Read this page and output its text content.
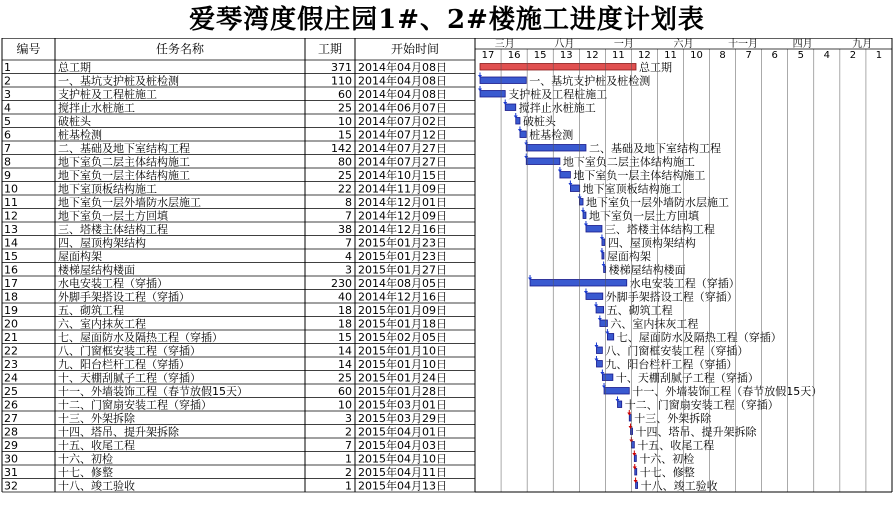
爱琴湾度假庄园1#、2#楼施工进度计划表
编号	任务名称	工期	开始时间	三月	八月	一月	六月	十一月	四月	九月
17 16 15 13 12 11 12 11 10 8 7 6 5 4 2 1
1	总工期	371 2014年04月08日
2	一、基坑支护桩及桩检测	110 2014年04月08日
3	支护桩及工程桩施工	60 2014年04月08日
4	搅拌止水桩施工	25 2014年06月07日
5	破桩头	10 2014年07月02日
6	桩基检测	15 2014年07月12日
7	二、基础及地下室结构工程	142 2014年07月27日
8	地下室负二层主体结构施工	80 2014年07月27日
9	地下室负一层主体结构施工	25 2014年10月15日
10	地下室顶板结构施工	22 2014年11月09日
11	地下室负一层外墙防水层施工	8 2014年12月01日
12	地下室负一层土方回填	7 2014年12月09日
13	三、塔楼主体结构工程	38 2014年12月16日
14	四、屋顶构架结构	7 2015年01月23日
15	屋面构架	4 2015年01月23日
16	楼梯屋结构楼面	3 2015年01月27日
17	水电安装工程（穿插）	230 2014年08月05日
18	外脚手架搭设工程（穿插）	40 2014年12月16日
19	五、砌筑工程	18 2015年01月09日
20	六、室内抹灰工程	18 2015年01月18日
21	七、屋面防水及隔热工程（穿插）	15 2015年02月05日
22	八、门窗框安装工程（穿插）	14 2015年01月10日
23	九、阳台栏杆工程（穿插）	14 2015年01月10日
24	十、天棚刮腻子工程（穿插）	25 2015年01月24日
25	十一、外墙装饰工程（春节放假15天）	60 2015年01月28日
26	十二、门窗扇安装工程（穿插）	10 2015年03月01日
27	十三、外架拆除	3 2015年03月29日
28	十四、塔吊、提升架拆除	2 2015年04月01日
29	十五、收尾工程	7 2015年04月03日
30	十六、初检	1 2015年04月10日
31	十七、修整	2 2015年04月11日
32	十八、竣工验收	1 2015年04月13日
总工期
一、基坑支护桩及桩检测
支护桩及工程桩施工
搅拌止水桩施工
破桩头
桩基检测
二、基础及地下室结构工程
地下室负二层主体结构施工
地下室负一层主体结构施工
地下室顶板结构施工
地下室负一层外墙防水层施工
地下室负一层土方回填
三、塔楼主体结构工程
四、屋顶构架结构
屋面构架
楼梯屋结构楼面
水电安装工程（穿插）
外脚手架搭设工程（穿插）
五、砌筑工程
六、室内抹灰工程
七、屋面防水及隔热工程（穿插）
八、门窗框安装工程（穿插）
九、阳台栏杆工程（穿插）
十、天棚刮腻子工程（穿插）
十一、外墙装饰工程（春节放假15天）
十二、门窗扇安装工程（穿插）
十三、外架拆除
十四、塔吊、提升架拆除
十五、收尾工程
十六、初检
十七、修整
十八、竣工验收
